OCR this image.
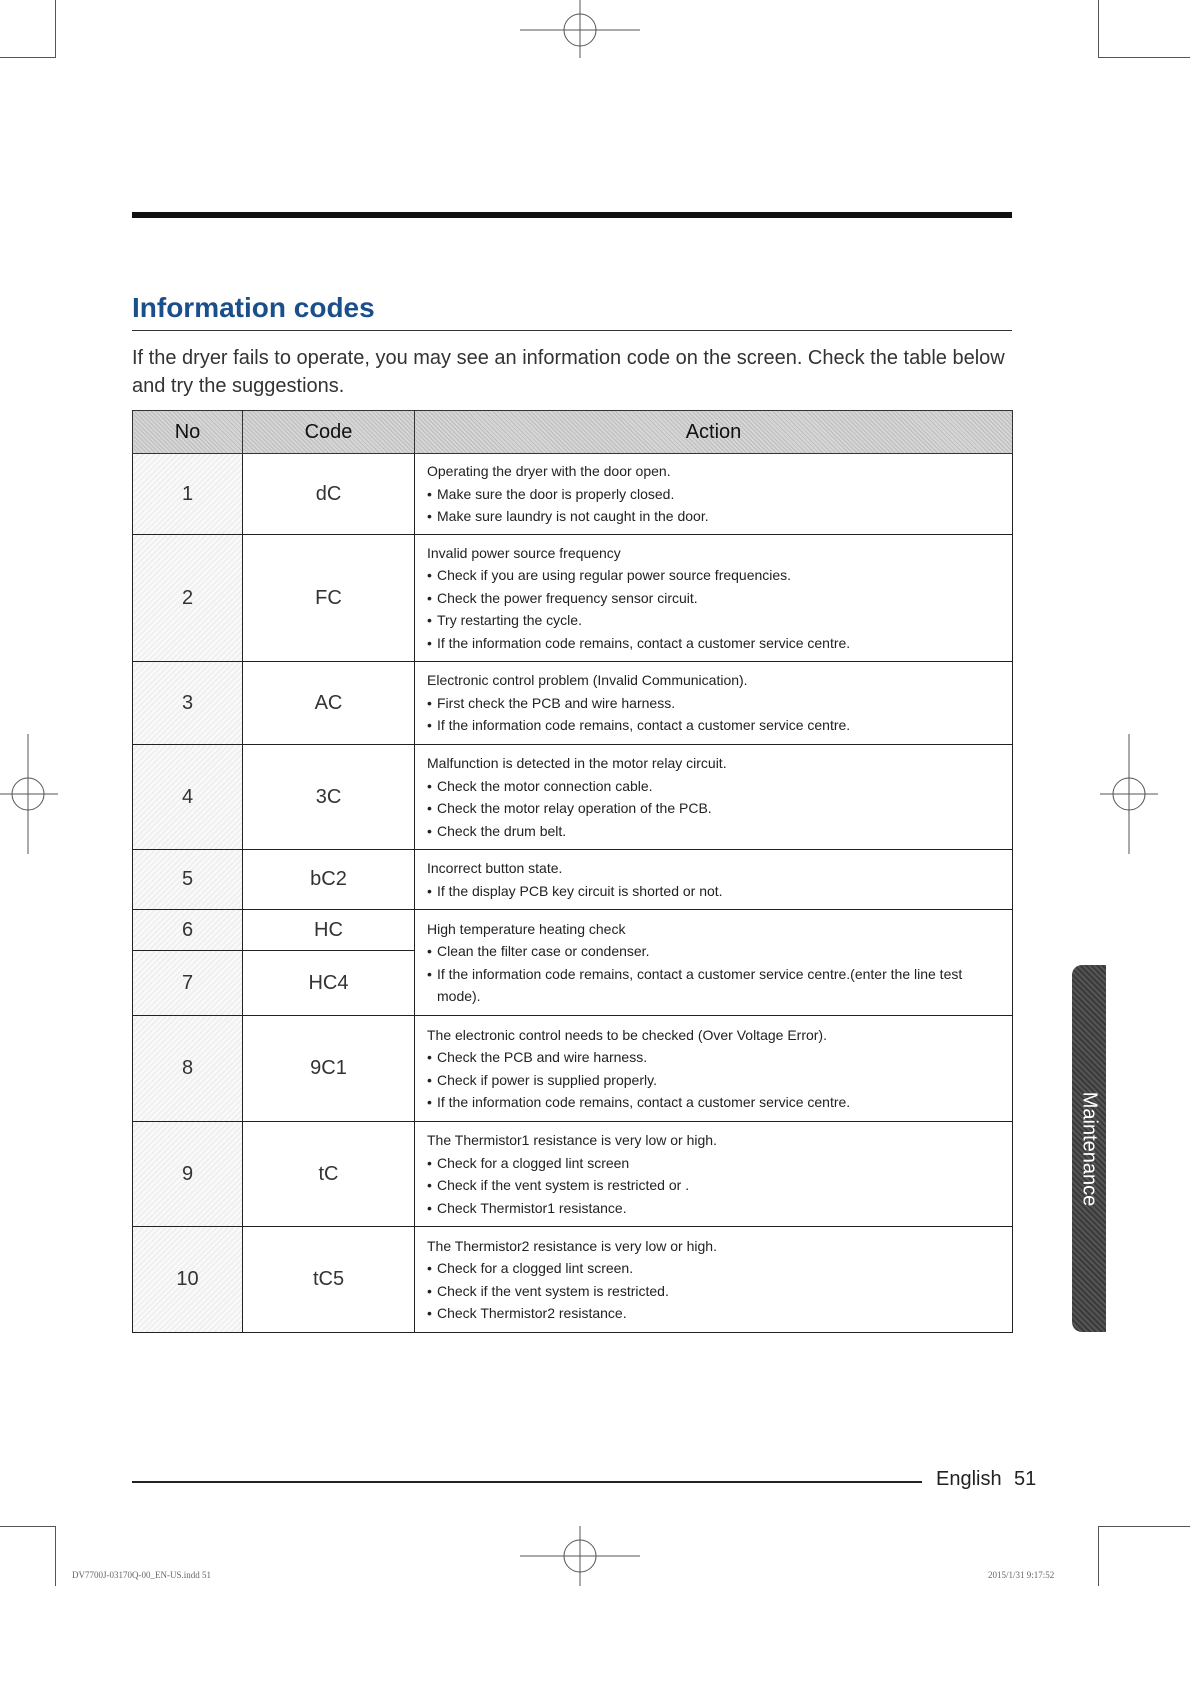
Information codes
If the dryer fails to operate, you may see an information code on the screen. Check the table below and try the suggestions.
No	Code	Action
1	dC	Operating the dryer with the door open.
• Make sure the door is properly closed.
• Make sure laundry is not caught in the door.

2	FC	Invalid power source frequency
• Check if you are using regular power source frequencies.
• Check the power frequency sensor circuit.
• Try restarting the cycle.
• If the information code remains, contact a customer service centre.

3	AC	Electronic control problem (Invalid Communication).
• First check the PCB and wire harness.
• If the information code remains, contact a customer service centre.

4	3C	Malfunction is detected in the motor relay circuit.
• Check the motor connection cable.
• Check the motor relay operation of the PCB.
• Check the drum belt.

5	bC2	Incorrect button state.
• If the display PCB key circuit is shorted or not.

6	HC	High temperature heating check
• Clean the filter case or condenser.
• If the information code remains, contact a customer service centre.(enter the line test mode).

7	HC4	
8	9C1	The electronic control needs to be checked (Over Voltage Error).
• Check the PCB and wire harness.
• Check if power is supplied properly.
• If the information code remains, contact a customer service centre.

9	tC	The Thermistor1 resistance is very low or high.
• Check for a clogged lint screen
• Check if the vent system is restricted or .
• Check Thermistor1 resistance.

10	tC5	The Thermistor2 resistance is very low or high.
• Check for a clogged lint screen.
• Check if the vent system is restricted.
• Check Thermistor2 resistance.
Maintenance
English 51
DV7700J-03170Q-00_EN-US.indd 51	2015/1/31 9:17:52
